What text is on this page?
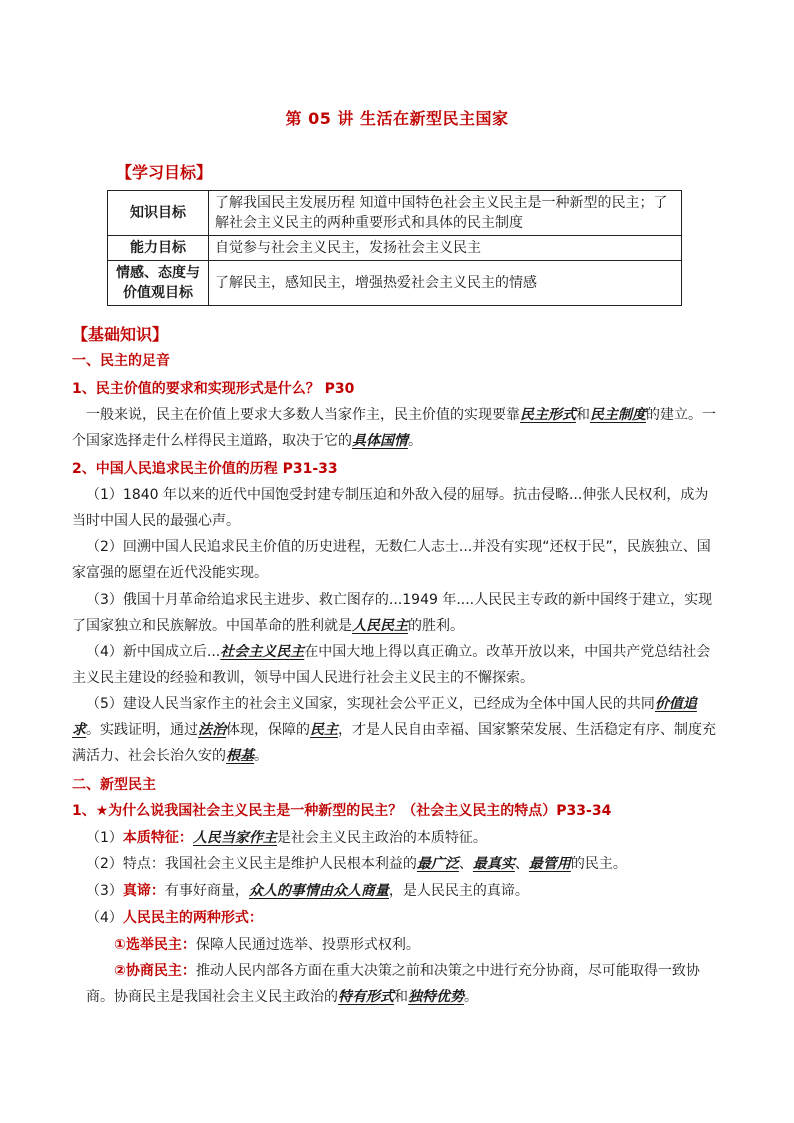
第 05 讲 生活在新型民主国家
【学习目标】
知识目标	了解我国民主发展历程 知道中国特色社会主义民主是一种新型的民主；了解社会主义民主的两种重要形式和具体的民主制度
能力目标	自觉参与社会主义民主，发扬社会主义民主
情感、态度与价值观目标	了解民主，感知民主，增强热爱社会主义民主的情感
【基础知识】
一、民主的足音
1、民主价值的要求和实现形式是什么？ P30
一般来说，民主在价值上要求大多数人当家作主，民主价值的实现要靠民主形式和民主制度的建立。一个国家选择走什么样得民主道路，取决于它的具体国情。
2、中国人民追求民主价值的历程 P31-33
（1）1840 年以来的近代中国饱受封建专制压迫和外敌入侵的屈辱。抗击侵略...伸张人民权利，成为当时中国人民的最强心声。
（2）回溯中国人民追求民主价值的历史进程，无数仁人志士...并没有实现“还权于民”，民族独立、国家富强的愿望在近代没能实现。
（3）俄国十月革命给追求民主进步、救亡图存的...1949 年....人民民主专政的新中国终于建立，实现了国家独立和民族解放。中国革命的胜利就是人民民主的胜利。
（4）新中国成立后...社会主义民主在中国大地上得以真正确立。改革开放以来，中国共产党总结社会主义民主建设的经验和教训，领导中国人民进行社会主义民主的不懈探索。
（5）建设人民当家作主的社会主义国家，实现社会公平正义，已经成为全体中国人民的共同价值追求。实践证明，通过法治体现，保障的民主，才是人民自由幸福、国家繁荣发展、生活稳定有序、制度充满活力、社会长治久安的根基。
二、新型民主
1、★为什么说我国社会主义民主是一种新型的民主？（社会主义民主的特点）P33-34
（1）本质特征：人民当家作主是社会主义民主政治的本质特征。
（2）特点：我国社会主义民主是维护人民根本利益的最广泛、最真实、最管用的民主。
（3）真谛：有事好商量，众人的事情由众人商量，是人民民主的真谛。
（4）人民民主的两种形式：
①选举民主：保障人民通过选举、投票形式权利。
②协商民主：推动人民内部各方面在重大决策之前和决策之中进行充分协商，尽可能取得一致协商。协商民主是我国社会主义民主政治的特有形式和独特优势。
